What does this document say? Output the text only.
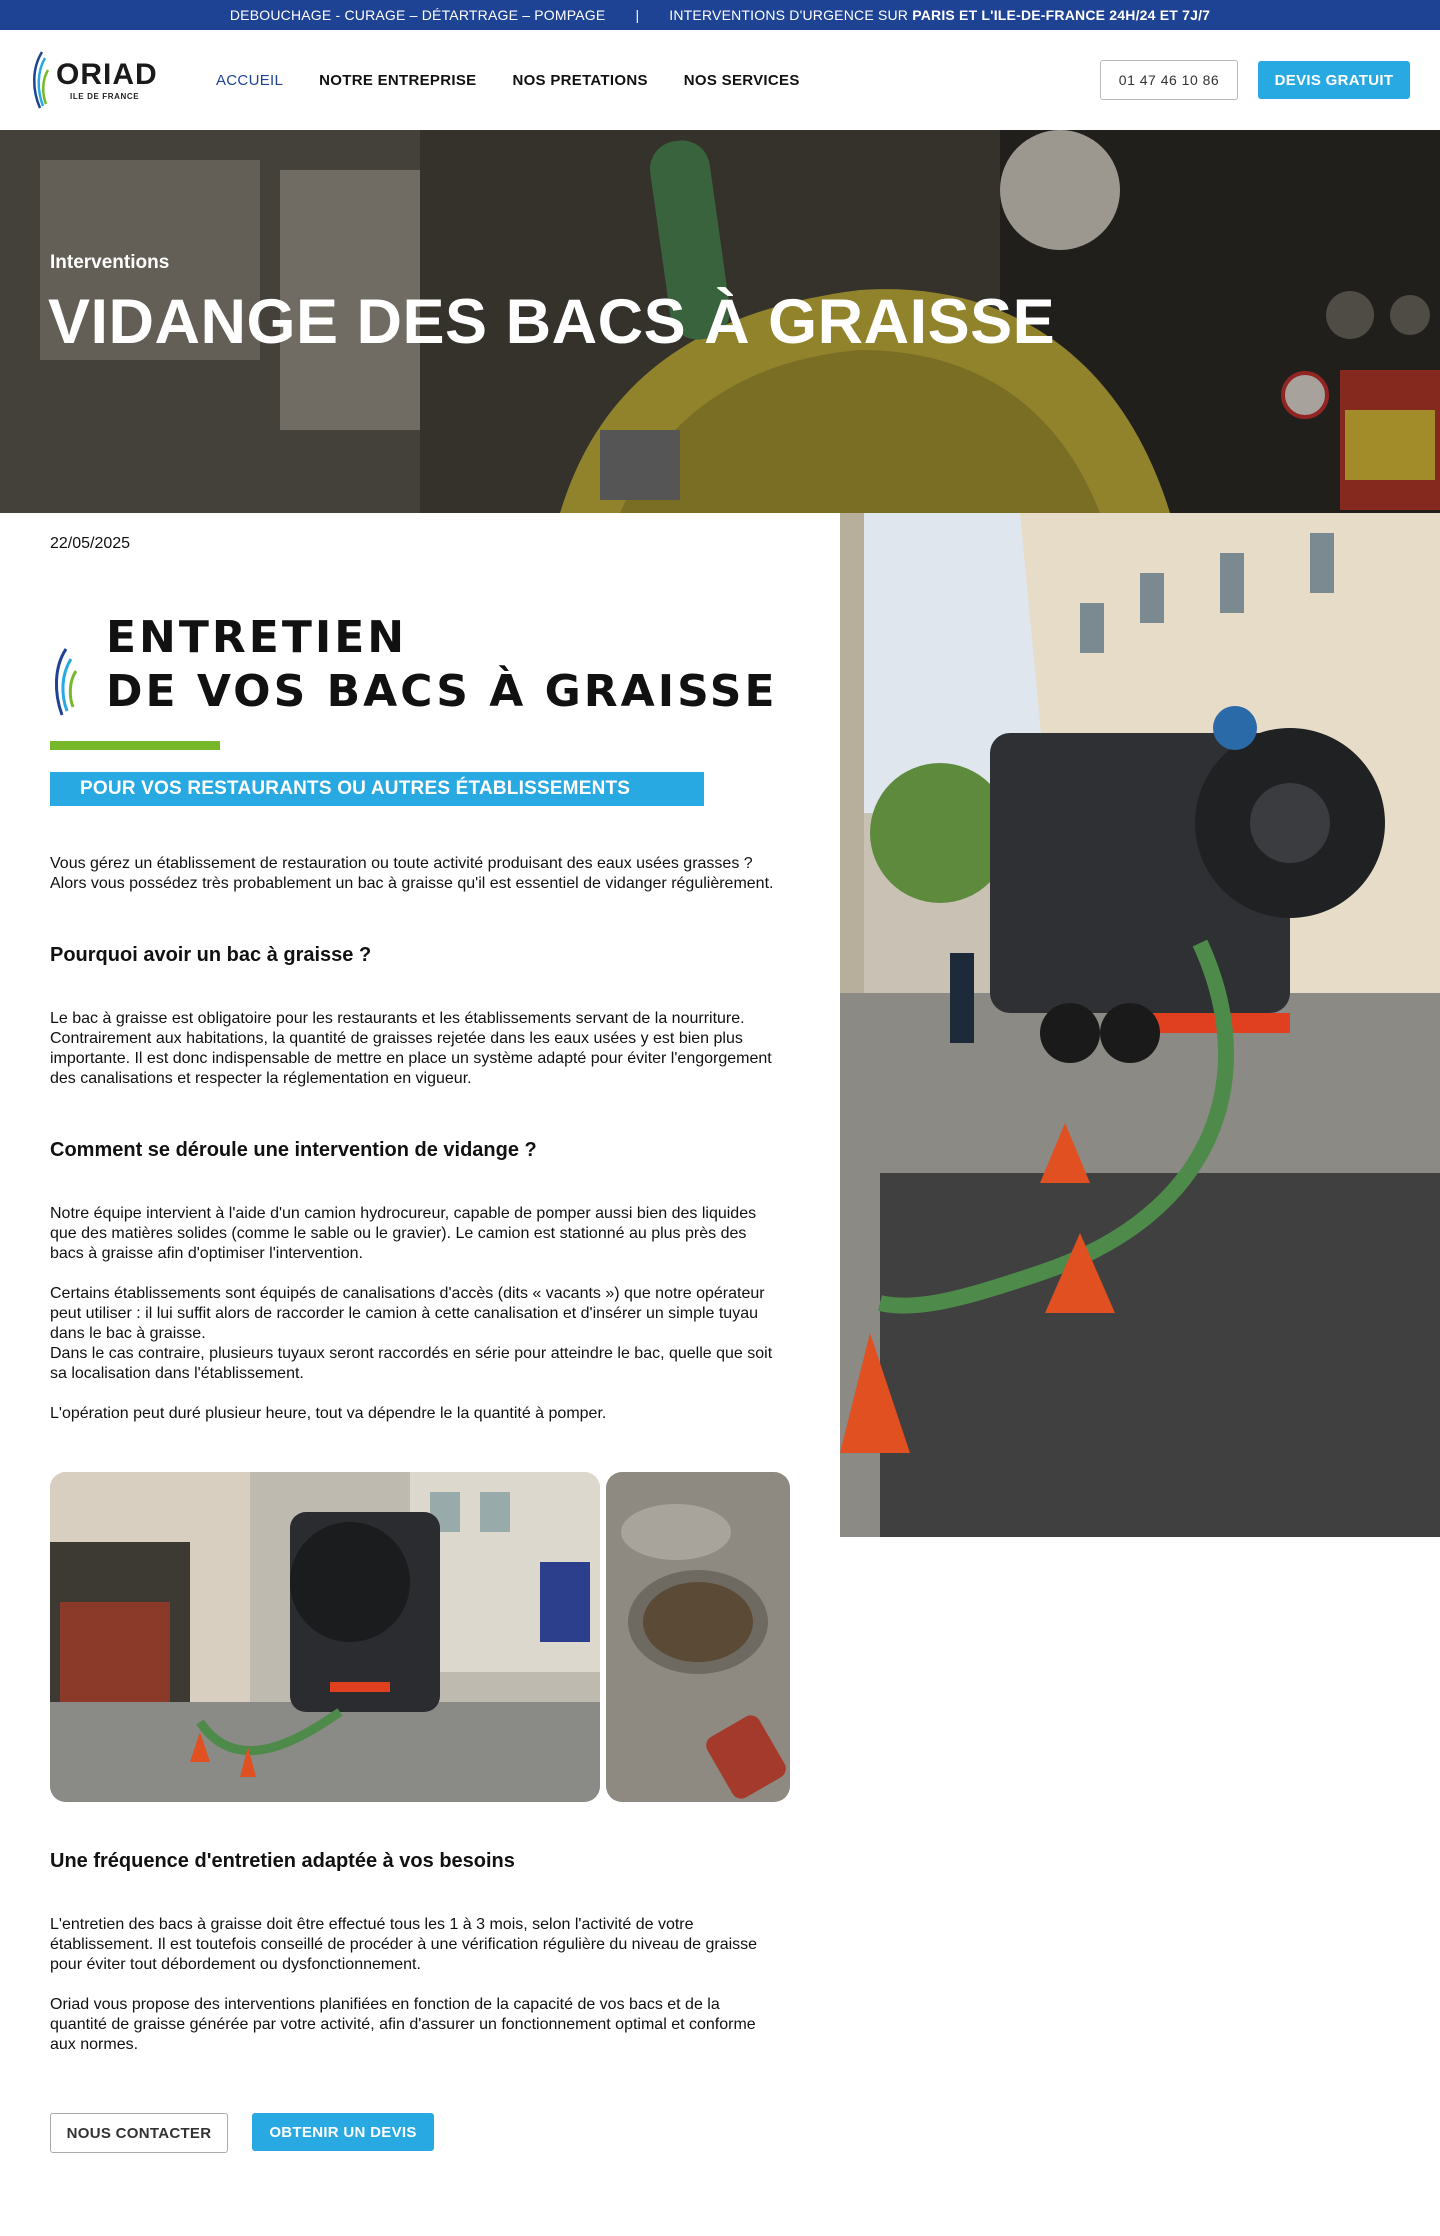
DEBOUCHAGE - CURAGE – DÉTARTRAGE – POMPAGE | INTERVENTIONS D'URGENCE SUR PARIS ET L'ILE-DE-FRANCE 24H/24 ET 7J/7
ORIAD
ILE DE FRANCE
ACCUEIL NOTRE ENTREPRISE NOS PRETATIONS NOS SERVICES	01 47 46 10 86	DEVIS GRATUIT
Interventions
VIDANGE DES BACS À GRAISSE
22/05/2025
ENTRETIEN
DE VOS BACS À GRAISSE
POUR VOS RESTAURANTS OU AUTRES ÉTABLISSEMENTS

Vous gérez un établissement de restauration ou toute activité produisant des eaux usées grasses ? Alors vous possédez très probablement un bac à graisse qu'il est essentiel de vidanger régulièrement.

Pourquoi avoir un bac à graisse ?

Le bac à graisse est obligatoire pour les restaurants et les établissements servant de la nourriture. Contrairement aux habitations, la quantité de graisses rejetée dans les eaux usées y est bien plus importante. Il est donc indispensable de mettre en place un système adapté pour éviter l'engorgement des canalisations et respecter la réglementation en vigueur.

Comment se déroule une intervention de vidange ?

Notre équipe intervient à l'aide d'un camion hydrocureur, capable de pomper aussi bien des liquides que des matières solides (comme le sable ou le gravier). Le camion est stationné au plus près des bacs à graisse afin d'optimiser l'intervention.

Certains établissements sont équipés de canalisations d'accès (dits « vacants ») que notre opérateur peut utiliser : il lui suffit alors de raccorder le camion à cette canalisation et d'insérer un simple tuyau dans le bac à graisse.
Dans le cas contraire, plusieurs tuyaux seront raccordés en série pour atteindre le bac, quelle que soit sa localisation dans l'établissement.

L'opération peut duré plusieur heure, tout va dépendre le la quantité à pomper.

Une fréquence d'entretien adaptée à vos besoins

L'entretien des bacs à graisse doit être effectué tous les 1 à 3 mois, selon l'activité de votre établissement. Il est toutefois conseillé de procéder à une vérification régulière du niveau de graisse pour éviter tout débordement ou dysfonctionnement.

Oriad vous propose des interventions planifiées en fonction de la capacité de vos bacs et de la quantité de graisse générée par votre activité, afin d'assurer un fonctionnement optimal et conforme aux normes.

NOUS CONTACTER	OBTENIR UN DEVIS
